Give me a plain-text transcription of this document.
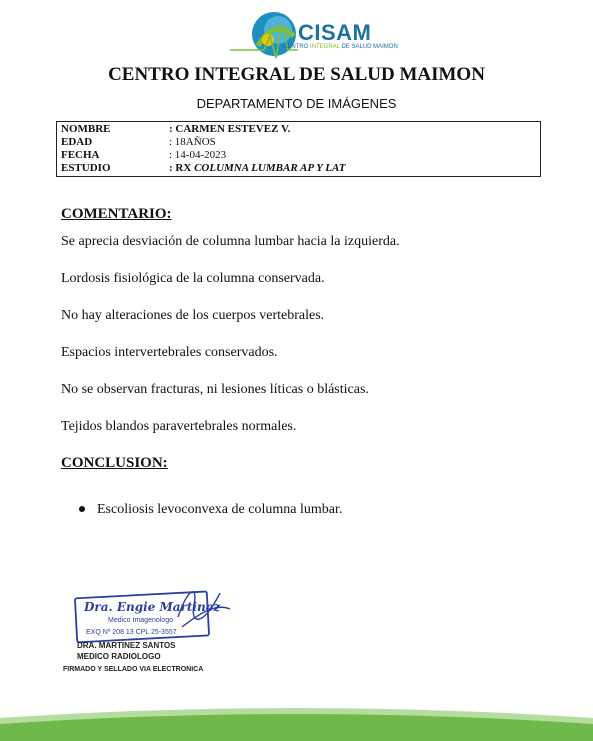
CISAM
CENTRO INTEGRAL DE SALUD MAIMON
CENTRO INTEGRAL DE SALUD MAIMON
DEPARTAMENTO DE IMÁGENES
NOMBRE	: CARMEN ESTEVEZ V.
EDAD	: 18AÑOS
FECHA	: 14-04-2023
ESTUDIO	: RX COLUMNA LUMBAR AP Y LAT

COMENTARIO:

Se aprecia desviación de columna lumbar hacia la izquierda.

Lordosis fisiológica de la columna conservada.

No hay alteraciones de los cuerpos vertebrales.

Espacios intervertebrales conservados.

No se observan fracturas, ni lesiones líticas o blásticas.

Tejidos blandos paravertebrales normales.

CONCLUSION:

Escoliosis levoconvexa de columna lumbar.
Dra. Engie Martinez
Medico Imagenologo
EXQ Nº 208 13 CPL 25-3557
DRA. MARTINEZ SANTOS
MEDICO RADIOLOGO
FIRMADO Y SELLADO VIA ELECTRONICA
